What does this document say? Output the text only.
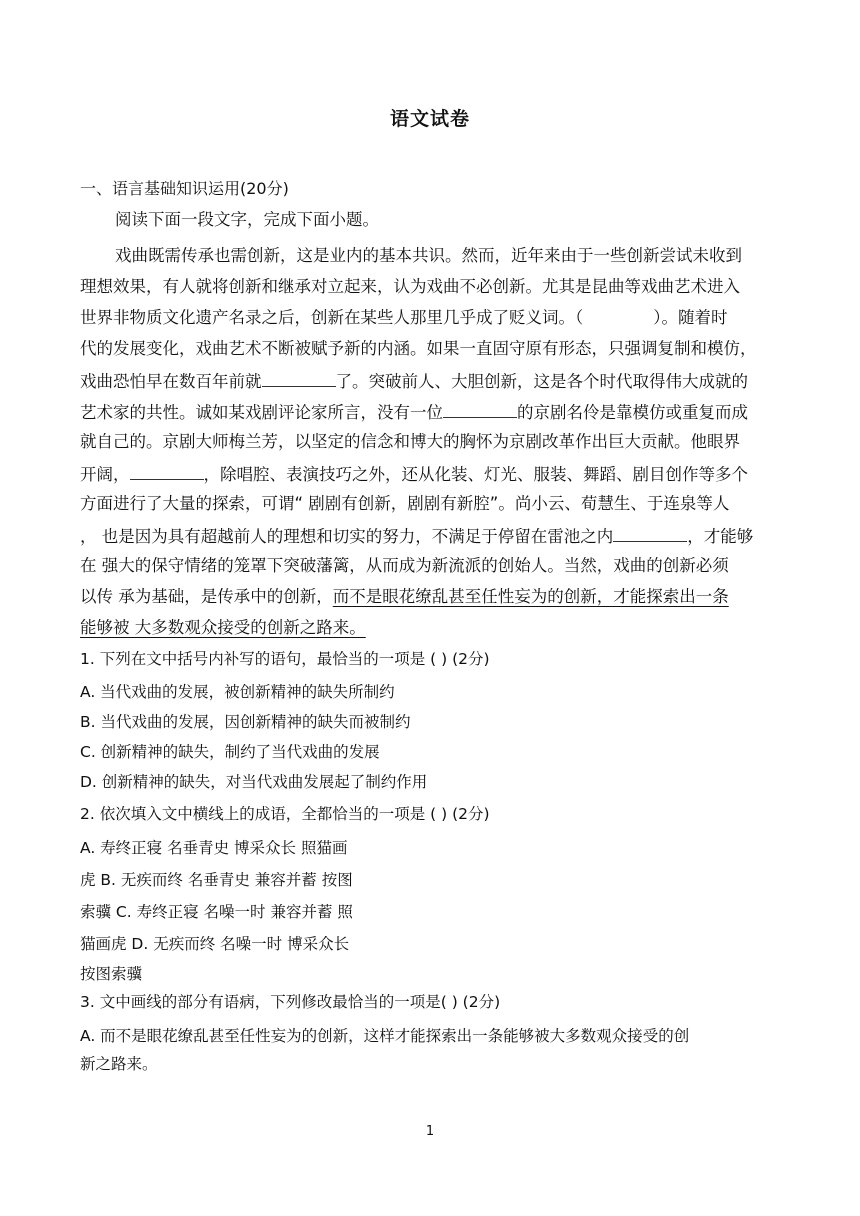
语文试卷
一、语言基础知识运用(20分)
阅读下面一段文字，完成下面小题。
戏曲既需传承也需创新，这是业内的基本共识。然而，近年来由于一些创新尝试未收到
理想效果，有人就将创新和继承对立起来，认为戏曲不必创新。尤其是昆曲等戏曲艺术进入
世界非物质文化遗产名录之后，创新在某些人那里几乎成了贬义词。（	）。随着时
代的发展变化，戏曲艺术不断被赋予新的内涵。如果一直固守原有形态，只强调复制和模仿，
戏曲恐怕早在数百年前就	了。突破前人、大胆创新，这是各个时代取得伟大成就的
艺术家的共性。诚如某戏剧评论家所言，没有一位	的京剧名伶是靠模仿或重复而成
就自己的。京剧大师梅兰芳，以坚定的信念和博大的胸怀为京剧改革作出巨大贡献。他眼界
开阔，	，除唱腔、表演技巧之外，还从化装、灯光、服装、舞蹈、剧目创作等多个
方面进行了大量的探索，可谓“ 剧剧有创新，剧剧有新腔”。尚小云、荀慧生、于连泉等人
， 也是因为具有超越前人的理想和切实的努力，不满足于停留在雷池之内	，才能够
在 强大的保守情绪的笼罩下突破藩篱，从而成为新流派的创始人。当然，戏曲的创新必须
以传 承为基础，是传承中的创新，而不是眼花缭乱甚至任性妄为的创新，才能探索出一条
能够被 大多数观众接受的创新之路来。
1. 下列在文中括号内补写的语句，最恰当的一项是 ( ) (2分)
A. 当代戏曲的发展，被创新精神的缺失所制约
B. 当代戏曲的发展，因创新精神的缺失而被制约
C. 创新精神的缺失，制约了当代戏曲的发展
D. 创新精神的缺失，对当代戏曲发展起了制约作用
2. 依次填入文中横线上的成语，全都恰当的一项是 ( ) (2分)
A. 寿终正寝 名垂青史 博采众长 照猫画
虎 B. 无疾而终 名垂青史 兼容并蓄 按图
索骥 C. 寿终正寝 名噪一时 兼容并蓄 照
猫画虎 D. 无疾而终 名噪一时 博采众长
按图索骥
3. 文中画线的部分有语病，下列修改最恰当的一项是( ) (2分)
A. 而不是眼花缭乱甚至任性妄为的创新，这样才能探索出一条能够被大多数观众接受的创
新之路来。
1
